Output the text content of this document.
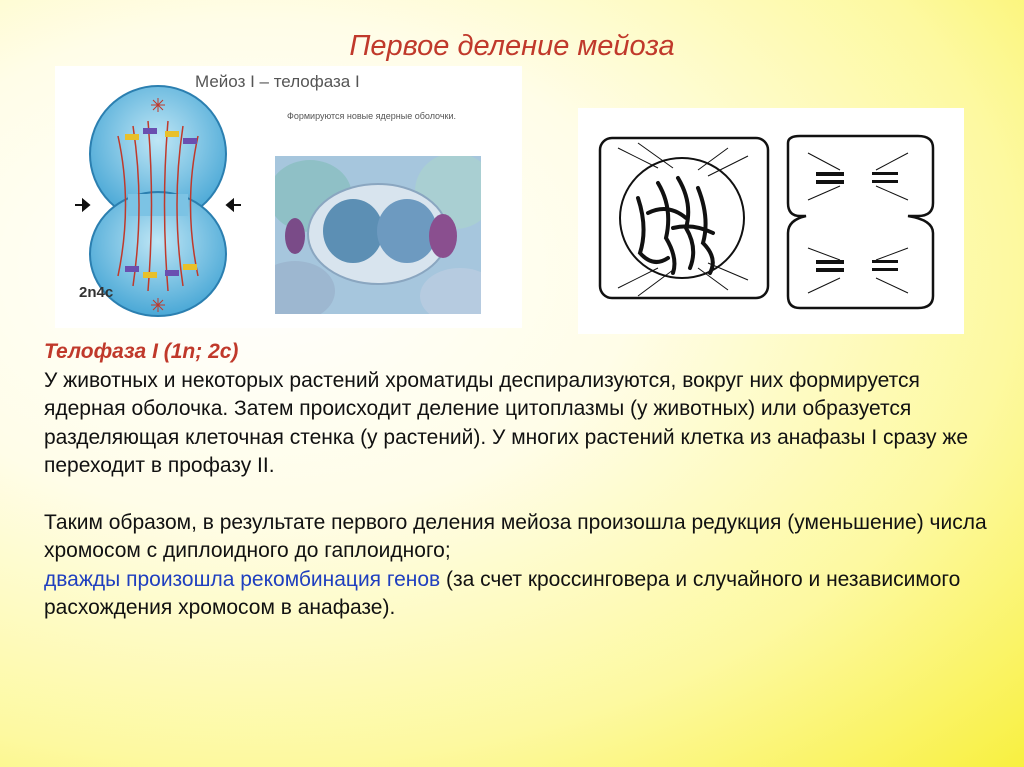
Первое деление мейоза
Мейоз I – телофаза I
Формируются новые ядерные оболочки.
2n4c

Телофаза I (1n; 2c)

У животных и некоторых растений хроматиды деспирализуются, вокруг них формируется ядерная оболочка. Затем происходит деление цитоплазмы (у животных) или образуется разделяющая клеточная стенка (у растений). У многих растений клетка из анафазы I сразу же переходит в профазу II.

Таким образом, в результате первого деления мейоза произошла редукция (уменьшение) числа хромосом с диплоидного до гаплоидного;

дважды произошла рекомбинация генов (за счет кроссинговера и случайного и независимого расхождения хромосом в анафазе).
